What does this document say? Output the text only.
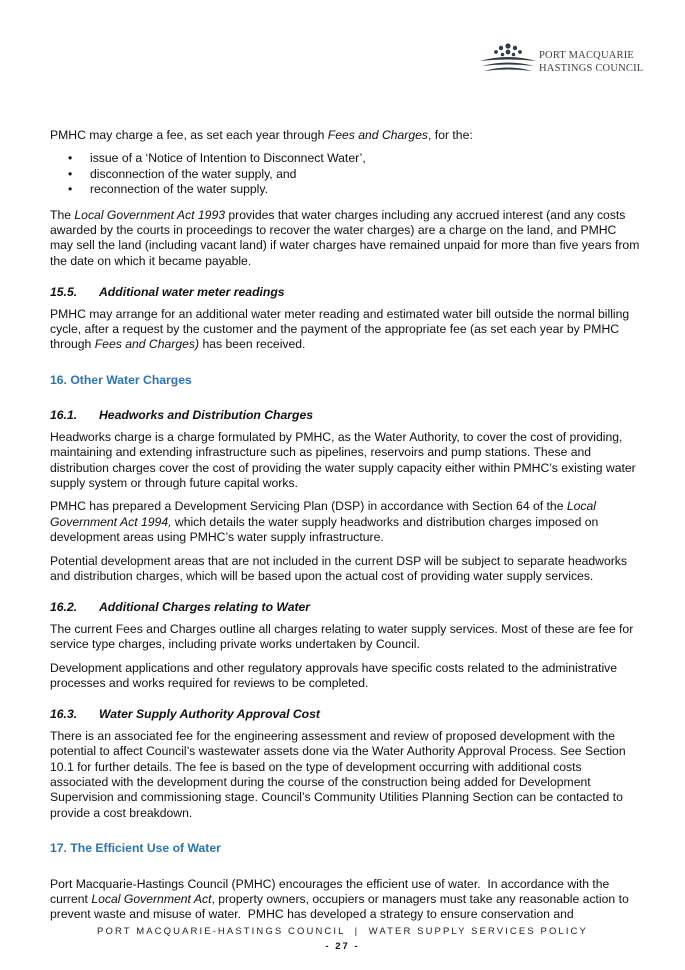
PORT MACQUARIE
HASTINGS COUNCIL

PMHC may charge a fee, as set each year through Fees and Charges, for the:

• issue of a ‘Notice of Intention to Disconnect Water’,
• disconnection of the water supply, and
• reconnection of the water supply.

The Local Government Act 1993 provides that water charges including any accrued interest (and any costs awarded by the courts in proceedings to recover the water charges) are a charge on the land, and PMHC may sell the land (including vacant land) if water charges have remained unpaid for more than five years from the date on which it became payable.

15.5. Additional water meter readings

PMHC may arrange for an additional water meter reading and estimated water bill outside the normal billing cycle, after a request by the customer and the payment of the appropriate fee (as set each year by PMHC through Fees and Charges) has been received.

16. Other Water Charges
16.1. Headworks and Distribution Charges

Headworks charge is a charge formulated by PMHC, as the Water Authority, to cover the cost of providing, maintaining and extending infrastructure such as pipelines, reservoirs and pump stations. These and distribution charges cover the cost of providing the water supply capacity either within PMHC’s existing water supply system or through future capital works.

PMHC has prepared a Development Servicing Plan (DSP) in accordance with Section 64 of the Local Government Act 1994, which details the water supply headworks and distribution charges imposed on development areas using PMHC’s water supply infrastructure.

Potential development areas that are not included in the current DSP will be subject to separate headworks and distribution charges, which will be based upon the actual cost of providing water supply services.

16.2. Additional Charges relating to Water

The current Fees and Charges outline all charges relating to water supply services. Most of these are fee for service type charges, including private works undertaken by Council.

Development applications and other regulatory approvals have specific costs related to the administrative processes and works required for reviews to be completed.

16.3. Water Supply Authority Approval Cost

There is an associated fee for the engineering assessment and review of proposed development with the potential to affect Council’s wastewater assets done via the Water Authority Approval Process. See Section 10.1 for further details. The fee is based on the type of development occurring with additional costs associated with the development during the course of the construction being added for Development Supervision and commissioning stage. Council’s Community Utilities Planning Section can be contacted to provide a cost breakdown.

17. The Efficient Use of Water

Port Macquarie-Hastings Council (PMHC) encourages the efficient use of water.  In accordance with the current Local Government Act, property owners, occupiers or managers must take any reasonable action to prevent waste and misuse of water.  PMHC has developed a strategy to ensure conservation and

PORT MACQUARIE-HASTINGS COUNCIL  |  WATER SUPPLY SERVICES POLICY
- 27 -
